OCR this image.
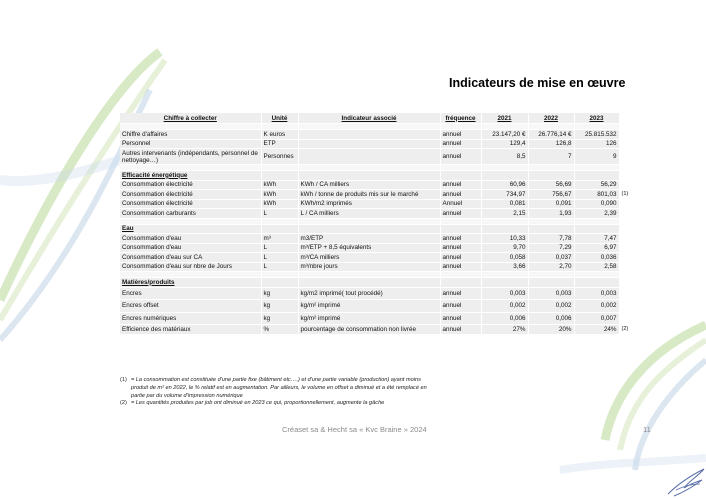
Indicateurs de mise en œuvre
Chiffre à collecter	Unité	Indicateur associé	fréquence	2021	2022	2023	

Chiffre d'affaires	K euros		annuel	23.147,20 €	26.776,14 €	25.815.532	
Personnel	ETP		annuel	129,4	126,8	126	
Autres intervenants (indépendants, personnel de nettoyage…)	Personnes		annuel	8,5	7	9	

Efficacité énergétique							
Consommation électricité	kWh	KWh / CA milliers	annuel	60,96	56,69	56,29	
Consommation électricité	kWh	kWh / tonne de produits mis sur le marché	annuel	734,97	756,67	801,03	(1)
Consommation électricité	kWh	KWh/m2 imprimés	Annuel	0,081	0,091	0,090	
Consommation carburants	L	L / CA milliers	annuel	2,15	1,93	2,39	

Eau							
Consommation d'eau	m³	m3/ETP	annuel	10,33	7,78	7,47	
Consommation d'eau	L	m³/ETP + 8,5 équivalents	annuel	9,70	7,29	6,97	
Consommation d'eau sur CA	L	m³/CA milliers	annuel	0,058	0,037	0,036	
Consommation d'eau sur nbre de Jours	L	m³/nbre jours	annuel	3,66	2,70	2,58	

Matières/produits							
Encres	kg	kg/m2 imprimé( tout procédé)	annuel	0,003	0,003	0,003	
Encres offset	kg	kg/m² imprimé	annuel	0,002	0,002	0,002	
Encres numériques	kg	kg/m² imprimé	annuel	0,006	0,006	0,007	
Efficience des matériaux	%	pourcentage de consommation non livrée	annuel	27%	20%	24%	(2)
(1) = La consommation est constituée d'une partie fixe (bâtiment etc….) et d'une partie variable (production) ayant moins
produit de m² en 2022, le % relatif est en augmentation. Par ailleurs, le volume en offset a diminué et a été remplacé en
partie par du volume d'impression numérique
(2) = Les quantités produites par job ont diminué en 2023 ce qui, proportionnellement, augmente la gâche
Créaset sa & Hecht sa « Kvc Braine » 2024	11
